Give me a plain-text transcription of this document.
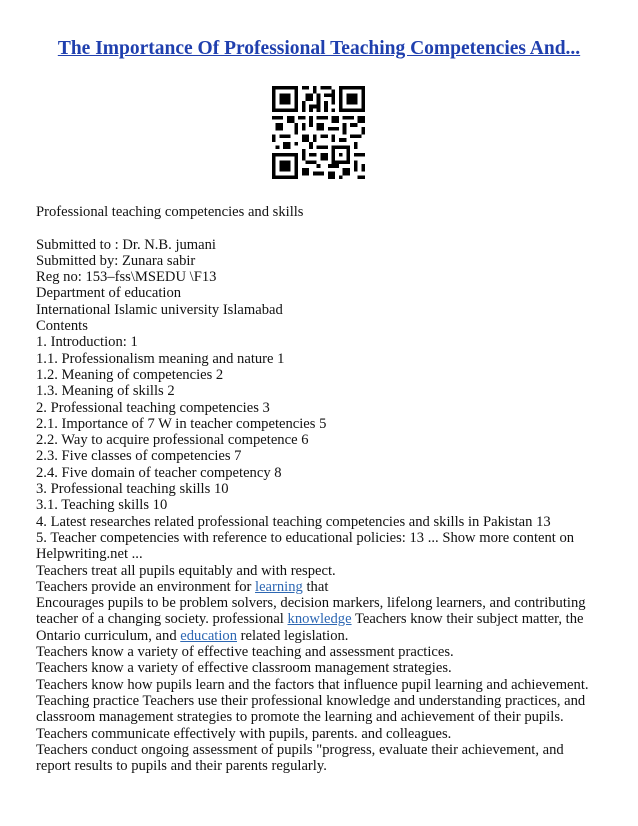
The Importance Of Professional Teaching Competencies And...
Professional teaching competencies and skills
Submitted to : Dr. N.B. jumani
Submitted by: Zunara sabir
Reg no: 153–fss\MSEDU \F13
Department of education
International Islamic university Islamabad
Contents
1. Introduction: 1
1.1. Professionalism meaning and nature 1
1.2. Meaning of competencies 2
1.3. Meaning of skills 2
2. Professional teaching competencies 3
2.1. Importance of 7 W in teacher competencies 5
2.2. Way to acquire professional competence 6
2.3. Five classes of competencies 7
2.4. Five domain of teacher competency 8
3. Professional teaching skills 10
3.1. Teaching skills 10
4. Latest researches related professional teaching competencies and skills in Pakistan 13
5. Teacher competencies with reference to educational policies: 13 ... Show more content on Helpwriting.net ...
Teachers treat all pupils equitably and with respect.
Teachers provide an environment for learning that
Encourages pupils to be problem solvers, decision markers, lifelong learners, and contributing teacher of a changing society. professional knowledge Teachers know their subject matter, the Ontario curriculum, and education related legislation.
Teachers know a variety of effective teaching and assessment practices.
Teachers know a variety of effective classroom management strategies.
Teachers know how pupils learn and the factors that influence pupil learning and achievement.
Teaching practice Teachers use their professional knowledge and understanding practices, and classroom management strategies to promote the learning and achievement of their pupils.
Teachers communicate effectively with pupils, parents. and colleagues.
Teachers conduct ongoing assessment of pupils "progress, evaluate their achievement, and report results to pupils and their parents regularly.
